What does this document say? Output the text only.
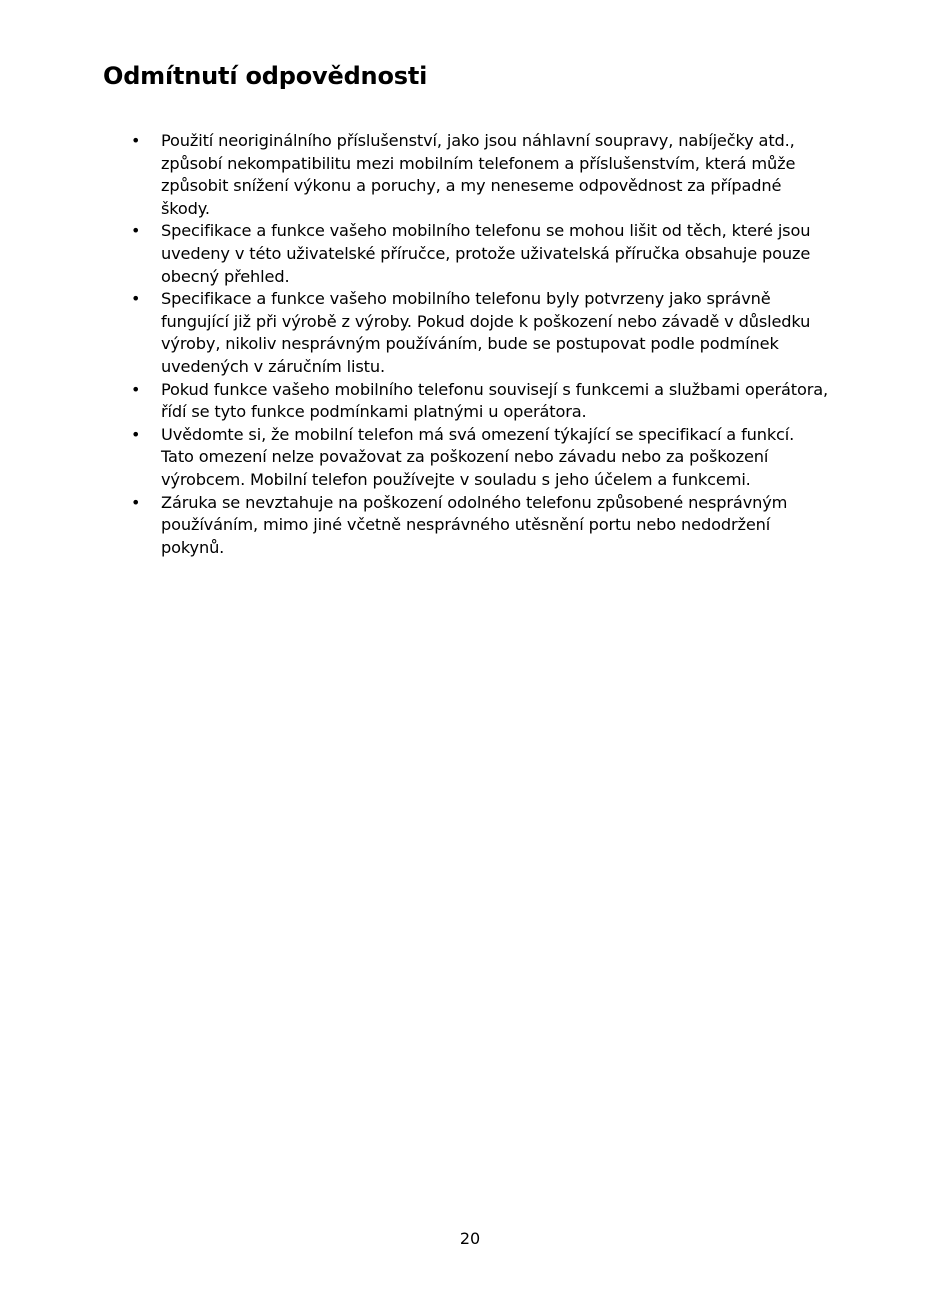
Odmítnutí odpovědnosti
• Použití neoriginálního příslušenství, jako jsou náhlavní soupravy, nabíječky atd.,
způsobí nekompatibilitu mezi mobilním telefonem a příslušenstvím, která může
způsobit snížení výkonu a poruchy, a my neneseme odpovědnost za případné
škody.
• Specifikace a funkce vašeho mobilního telefonu se mohou lišit od těch, které jsou
uvedeny v této uživatelské příručce, protože uživatelská příručka obsahuje pouze
obecný přehled.
• Specifikace a funkce vašeho mobilního telefonu byly potvrzeny jako správně
fungující již při výrobě z výroby. Pokud dojde k poškození nebo závadě v důsledku
výroby, nikoliv nesprávným používáním, bude se postupovat podle podmínek
uvedených v záručním listu.
• Pokud funkce vašeho mobilního telefonu souvisejí s funkcemi a službami operátora,
řídí se tyto funkce podmínkami platnými u operátora.
• Uvědomte si, že mobilní telefon má svá omezení týkající se specifikací a funkcí.
Tato omezení nelze považovat za poškození nebo závadu nebo za poškození
výrobcem. Mobilní telefon používejte v souladu s jeho účelem a funkcemi.
• Záruka se nevztahuje na poškození odolného telefonu způsobené nesprávným
používáním, mimo jiné včetně nesprávného utěsnění portu nebo nedodržení
pokynů.
20
